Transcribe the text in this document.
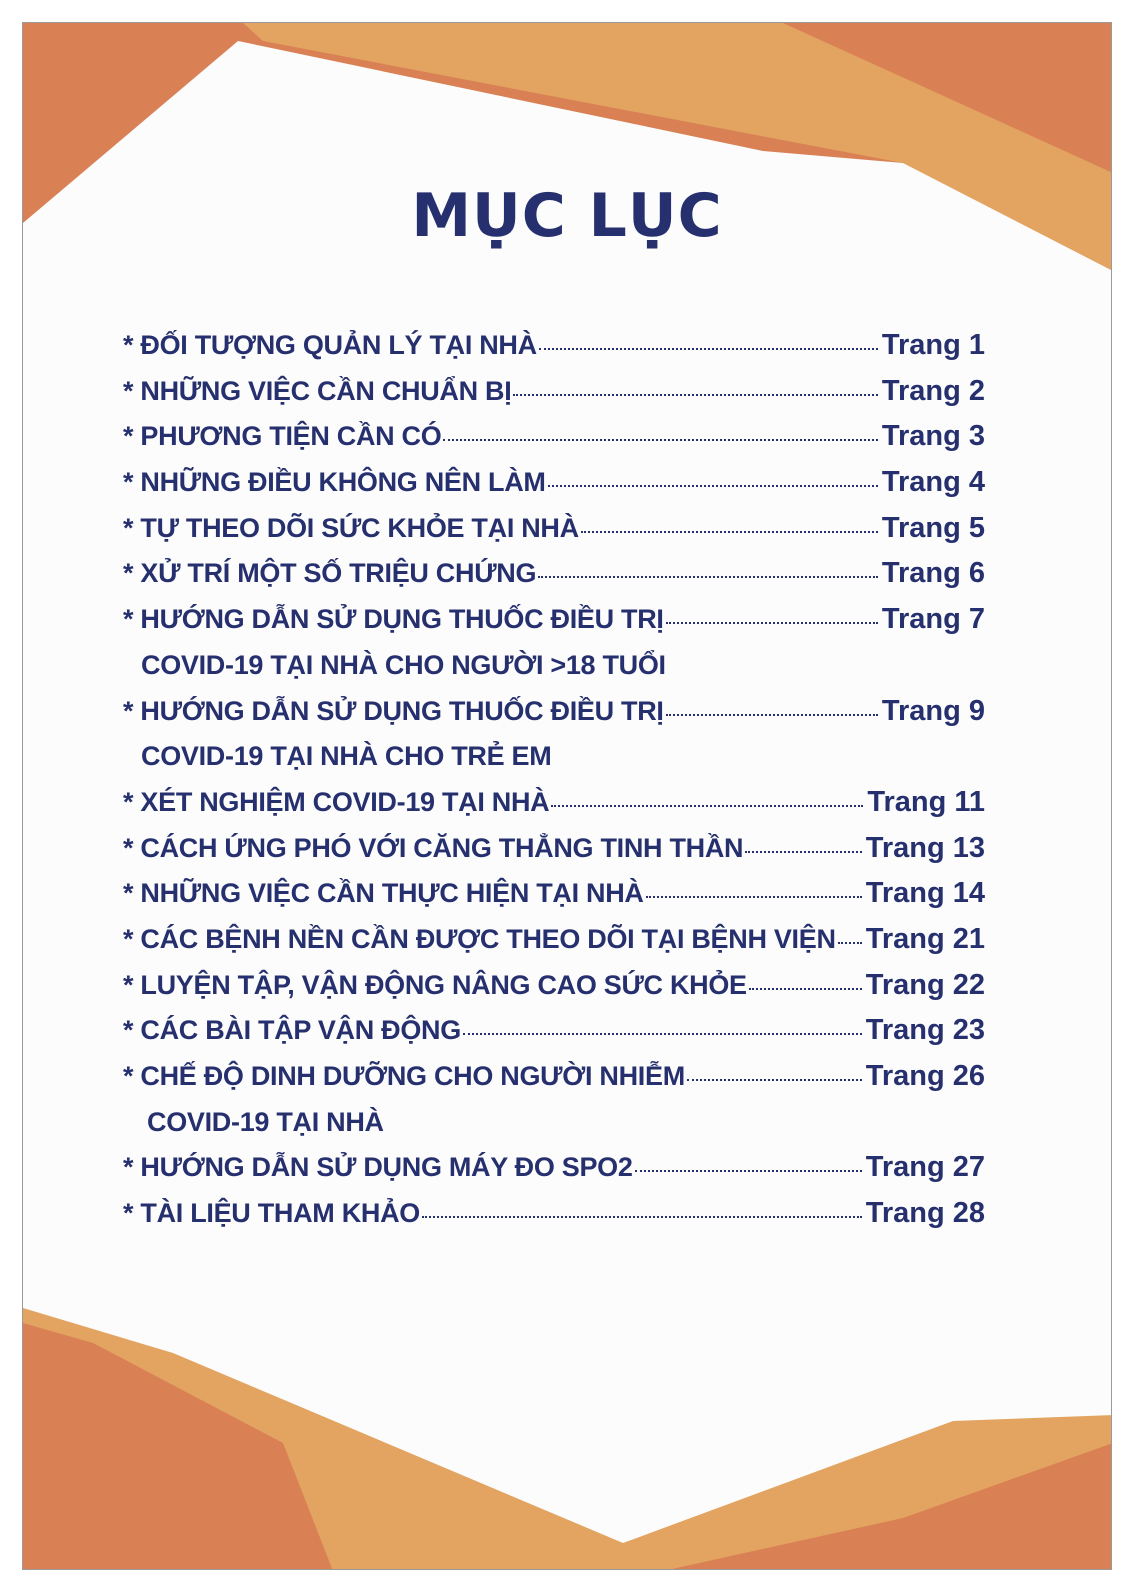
MỤC LỤC
* ĐỐI TƯỢNG QUẢN LÝ TẠI NHÀ	Trang 1
* NHỮNG VIỆC CẦN CHUẨN BỊ	Trang 2
* PHƯƠNG TIỆN CẦN CÓ	Trang 3
* NHỮNG ĐIỀU KHÔNG NÊN LÀM	Trang 4
* TỰ THEO DÕI SỨC KHỎE TẠI NHÀ	Trang 5
* XỬ TRÍ MỘT SỐ TRIỆU CHỨNG	Trang 6
* HƯỚNG DẪN SỬ DỤNG THUỐC ĐIỀU TRỊ	Trang 7
COVID-19 TẠI NHÀ CHO NGƯỜI >18 TUỔI
* HƯỚNG DẪN SỬ DỤNG THUỐC ĐIỀU TRỊ	Trang 9
COVID-19 TẠI NHÀ CHO TRẺ EM
* XÉT NGHIỆM COVID-19 TẠI NHÀ	Trang 11
* CÁCH ỨNG PHÓ VỚI CĂNG THẲNG TINH THẦN	Trang 13
* NHỮNG VIỆC CẦN THỰC HIỆN TẠI NHÀ	Trang 14
* CÁC BỆNH NỀN CẦN ĐƯỢC THEO DÕI TẠI BỆNH VIỆN Trang 21
* LUYỆN TẬP, VẬN ĐỘNG NÂNG CAO SỨC KHỎE	Trang 22
* CÁC BÀI TẬP VẬN ĐỘNG	Trang 23
* CHẾ ĐỘ DINH DƯỠNG CHO NGƯỜI NHIỄM	Trang 26
COVID-19 TẠI NHÀ
* HƯỚNG DẪN SỬ DỤNG MÁY ĐO SPO2	Trang 27
* TÀI LIỆU THAM KHẢO	Trang 28
